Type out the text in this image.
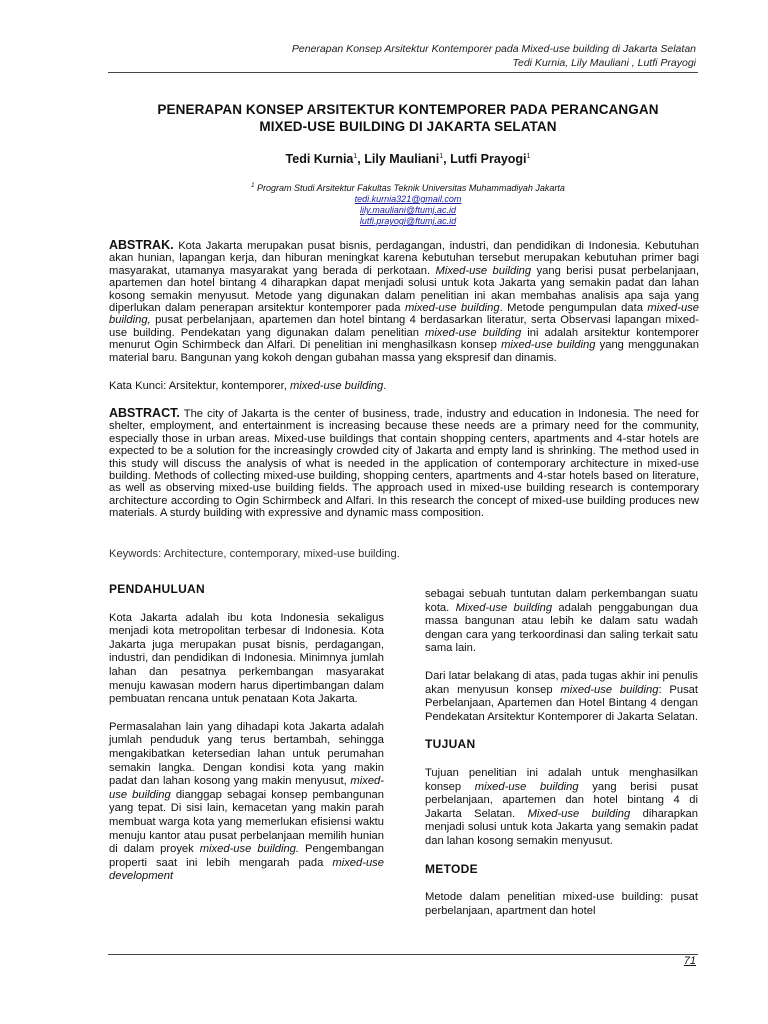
Penerapan Konsep Arsitektur Kontemporer pada Mixed-use building di Jakarta Selatan
Tedi Kurnia, Lily Mauliani , Lutfi Prayogi
PENERAPAN KONSEP ARSITEKTUR KONTEMPORER PADA PERANCANGAN
MIXED-USE BUILDING DI JAKARTA SELATAN
Tedi Kurnia$^1$, Lily Mauliani$^1$, Lutfi Prayogi$^1$
$^1$ Program Studi Arsitektur Fakultas Teknik Universitas Muhammadiyah Jakarta
tedi.kurnia321@gmail.com
lily.mauliani@ftumj.ac.id
lutfi.prayogi@ftumj.ac.id
ABSTRAK. Kota Jakarta merupakan pusat bisnis, perdagangan, industri, dan pendidikan di Indonesia. Kebutuhan akan hunian, lapangan kerja, dan hiburan meningkat karena kebutuhan tersebut merupakan kebutuhan primer bagi masyarakat, utamanya masyarakat yang berada di perkotaan. Mixed-use building yang berisi pusat perbelanjaan, apartemen dan hotel bintang 4 diharapkan dapat menjadi solusi untuk kota Jakarta yang semakin padat dan lahan kosong semakin menyusut. Metode yang digunakan dalam penelitian ini akan membahas analisis apa saja yang diperlukan dalam penerapan arsitektur kontemporer pada mixed-use building. Metode pengumpulan data mixed-use building, pusat perbelanjaan, apartemen dan hotel bintang 4 berdasarkan literatur, serta Observasi lapangan mixed-use building. Pendekatan yang digunakan dalam penelitian mixed-use building ini adalah arsitektur kontemporer menurut Ogin Schirmbeck dan Alfari. Di penelitian ini menghasilkasn konsep mixed-use building yang menggunakan material baru. Bangunan yang kokoh dengan gubahan massa yang ekspresif dan dinamis.
Kata Kunci: Arsitektur, kontemporer, mixed-use building.
ABSTRACT. The city of Jakarta is the center of business, trade, industry and education in Indonesia. The need for shelter, employment, and entertainment is increasing because these needs are a primary need for the community, especially those in urban areas. Mixed-use buildings that contain shopping centers, apartments and 4-star hotels are expected to be a solution for the increasingly crowded city of Jakarta and empty land is shrinking. The method used in this study will discuss the analysis of what is needed in the application of contemporary architecture in mixed-use building. Methods of collecting mixed-use building, shopping centers, apartments and 4-star hotels based on literature, as well as observing mixed-use building fields. The approach used in mixed-use building research is contemporary architecture according to Ogin Schirmbeck and Alfari. In this research the concept of mixed-use building produces new materials. A sturdy building with expressive and dynamic mass composition.
Keywords: Architecture, contemporary, mixed-use building.
PENDAHULUAN

Kota Jakarta adalah ibu kota Indonesia sekaligus menjadi kota metropolitan terbesar di Indonesia. Kota Jakarta juga merupakan pusat bisnis, perdagangan, industri, dan pendidikan di Indonesia. Minimnya jumlah lahan dan pesatnya perkembangan masyarakat menuju kawasan modern harus dipertimbangan dalam pembuatan rencana untuk penataan Kota Jakarta.

Permasalahan lain yang dihadapi kota Jakarta adalah jumlah penduduk yang terus bertambah, sehingga mengakibatkan ketersedian lahan untuk perumahan semakin langka. Dengan kondisi kota yang makin padat dan lahan kosong yang makin menyusut, mixed-use building dianggap sebagai konsep pembangunan yang tepat. Di sisi lain, kemacetan yang makin parah membuat warga kota yang memerlukan efisiensi waktu menuju kantor atau pusat perbelanjaan memilih hunian di dalam proyek mixed-use building. Pengembangan properti saat ini lebih mengarah pada mixed-use development

sebagai sebuah tuntutan dalam perkembangan suatu kota. Mixed-use building adalah penggabungan dua massa bangunan atau lebih ke dalam satu wadah dengan cara yang terkoordinasi dan saling terkait satu sama lain.

Dari latar belakang di atas, pada tugas akhir ini penulis akan menyusun konsep mixed-use building: Pusat Perbelanjaan, Apartemen dan Hotel Bintang 4 dengan Pendekatan Arsitektur Kontemporer di Jakarta Selatan.

TUJUAN

Tujuan penelitian ini adalah untuk menghasilkan konsep mixed-use building yang berisi pusat perbelanjaan, apartemen dan hotel bintang 4 di Jakarta Selatan. Mixed-use building diharapkan menjadi solusi untuk kota Jakarta yang semakin padat dan lahan kosong semakin menyusut.

METODE

Metode dalam penelitian mixed-use building: pusat perbelanjaan, apartment dan hotel

71
